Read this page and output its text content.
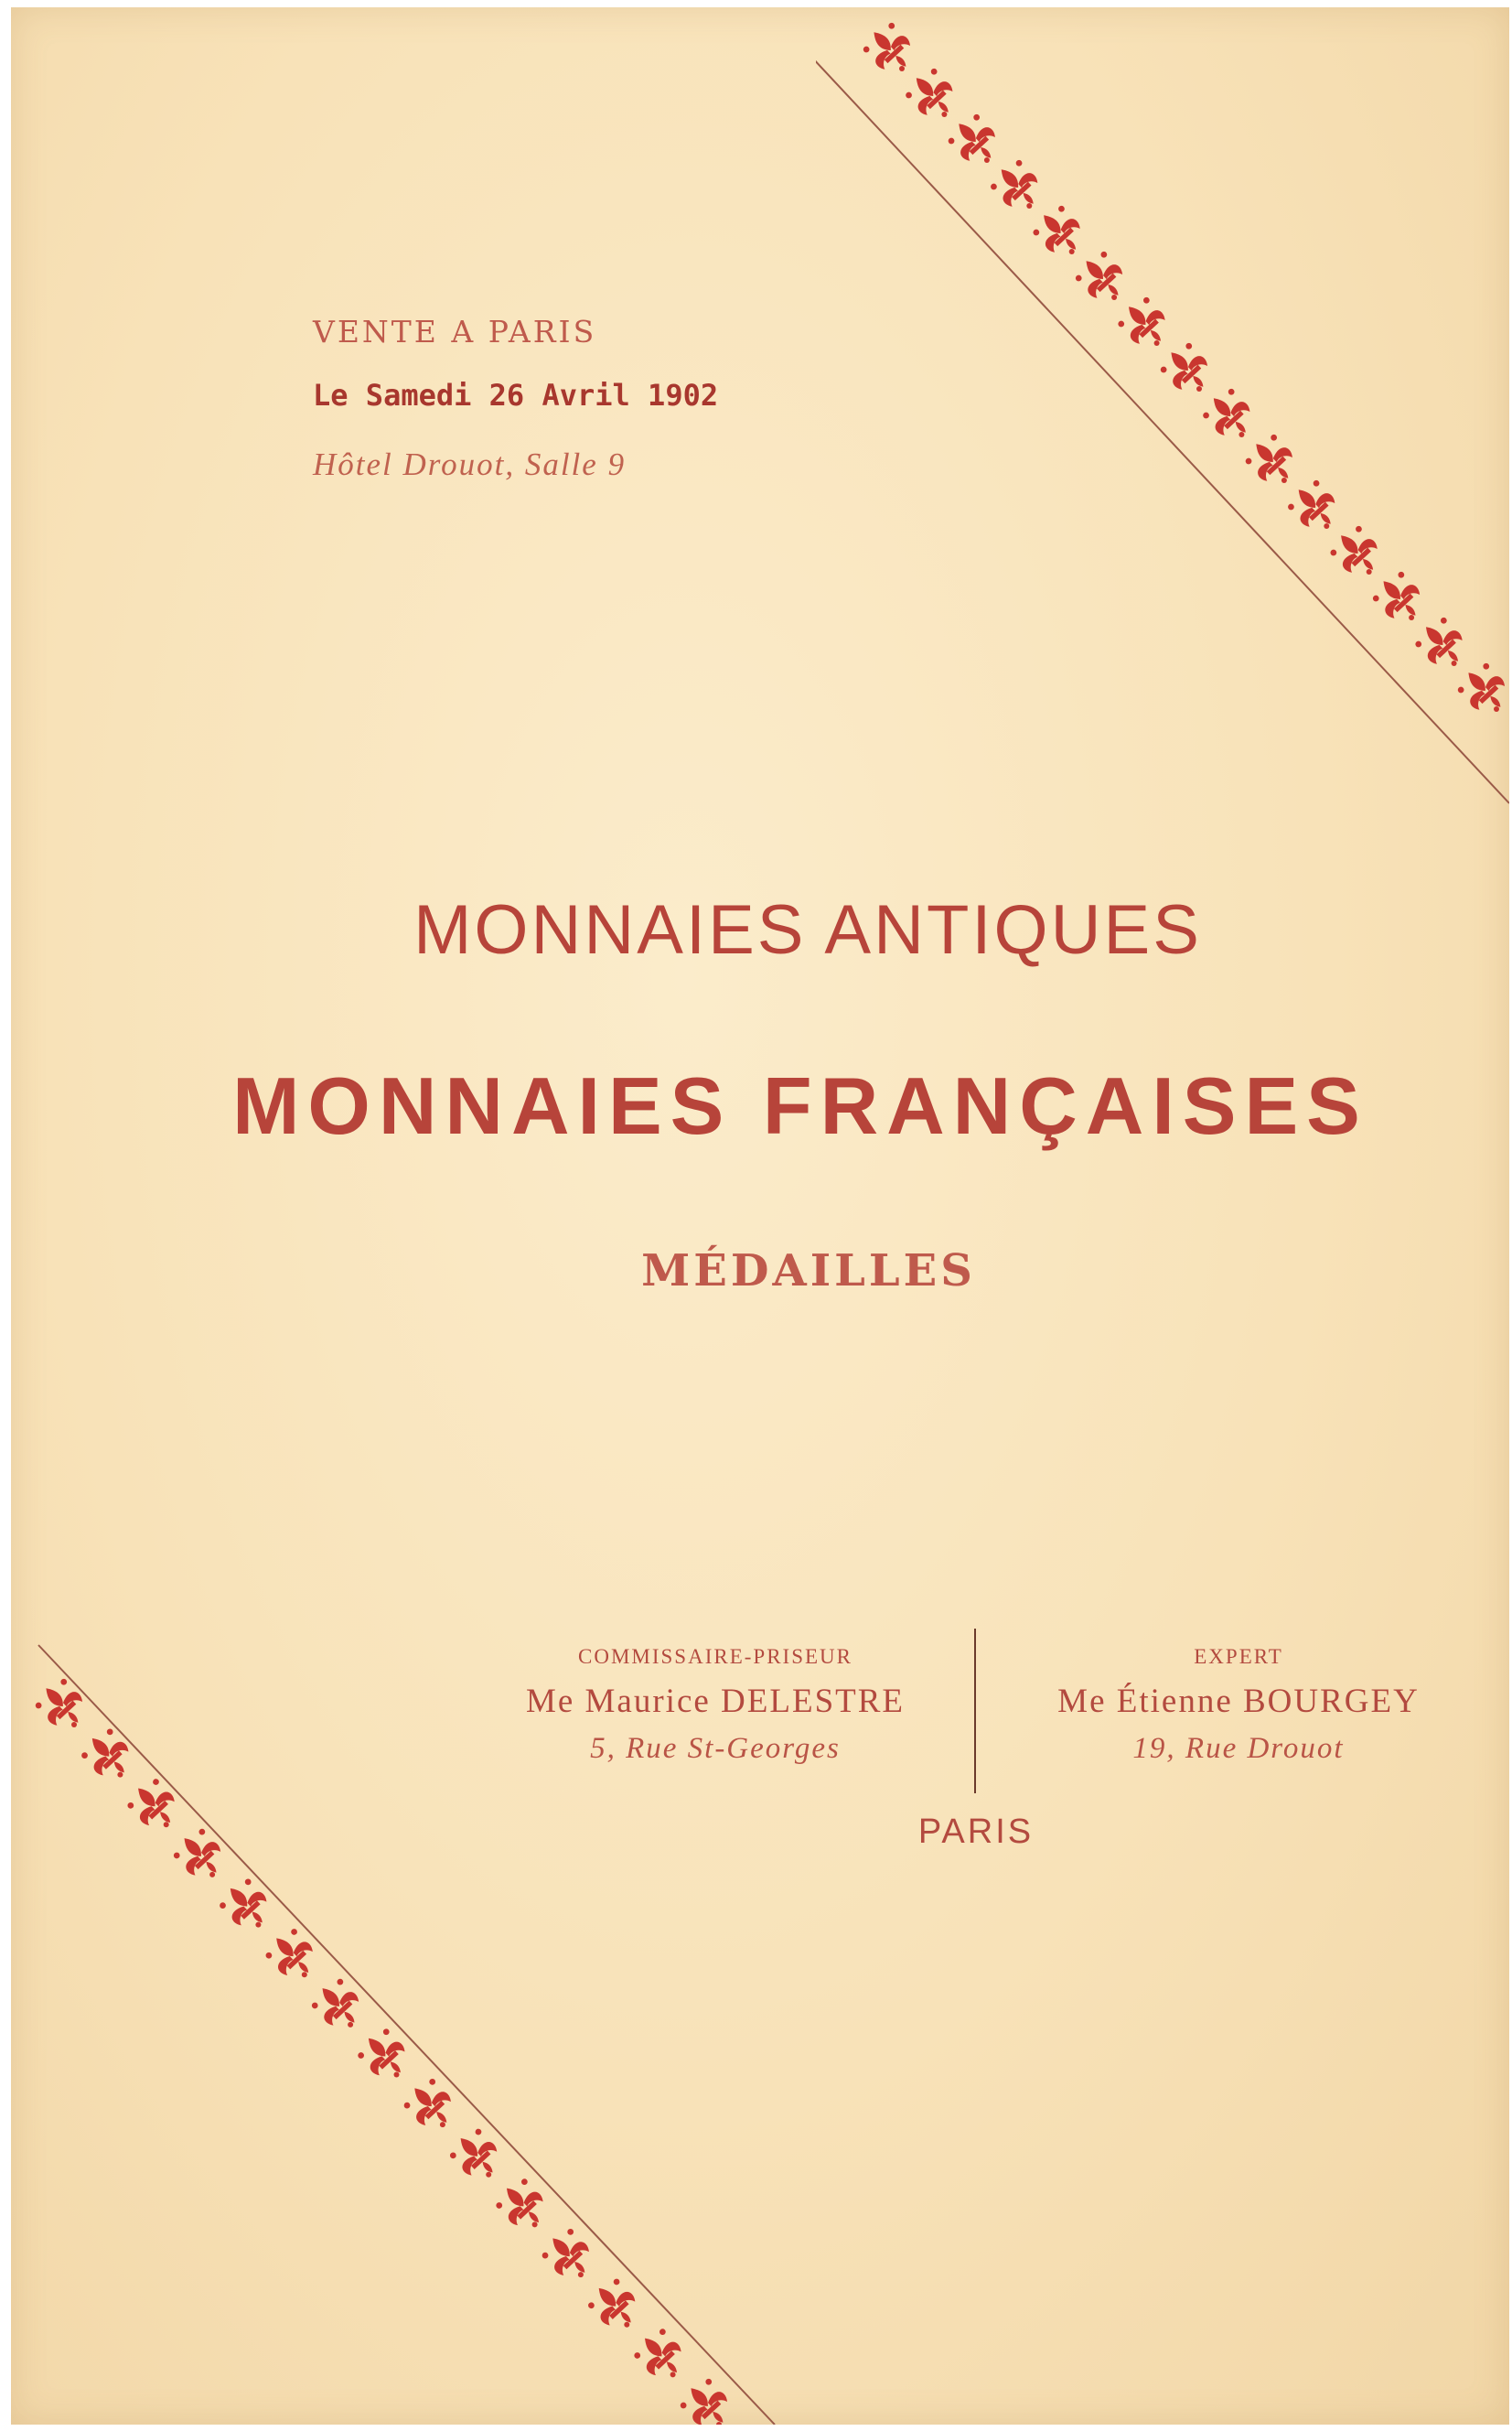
VENTE A PARIS

Le Samedi 26 Avril 1902

Hôtel Drouot, Salle 9

MONNAIES ANTIQUES
MONNAIES FRANÇAISES
MÉDAILLES

COMMISSAIRE-PRISEUR

Me Maurice DELESTRE

5, Rue St-Georges

EXPERT

Me Étienne BOURGEY

19, Rue Drouot

PARIS
